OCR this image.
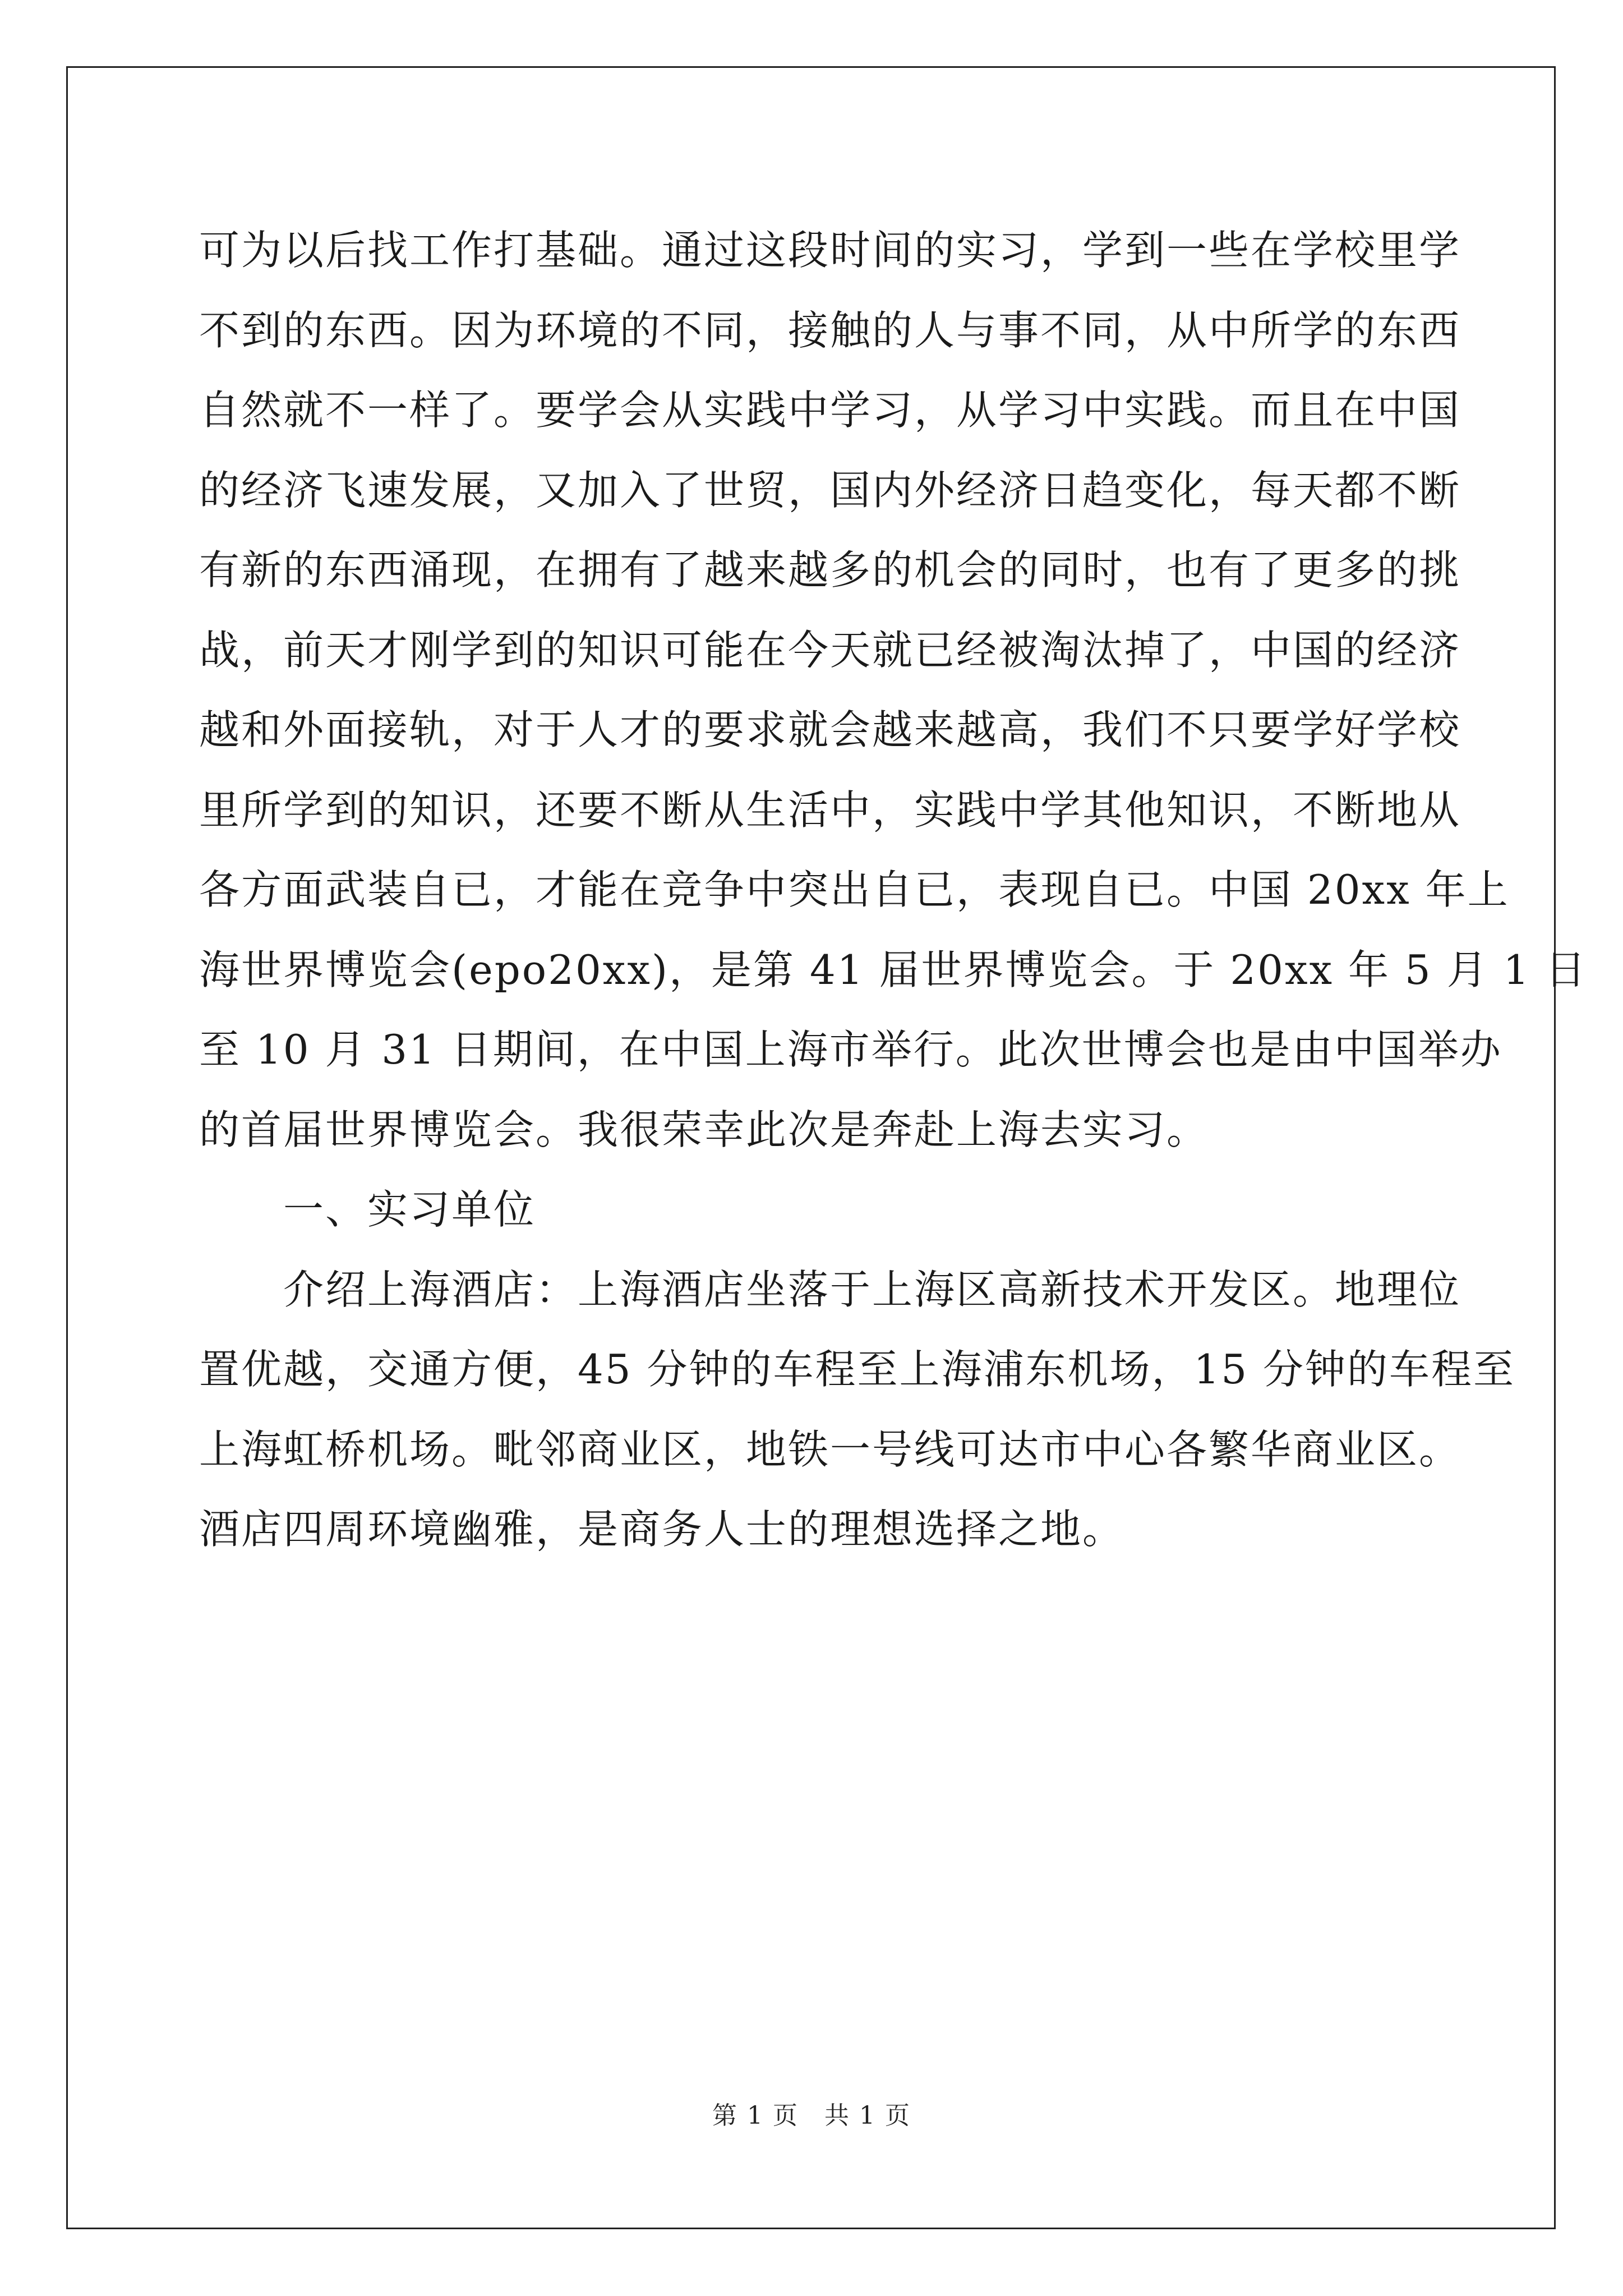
可为以后找工作打基础。通过这段时间的实习，学到一些在学校里学
不到的东西。因为环境的不同，接触的人与事不同，从中所学的东西
自然就不一样了。要学会从实践中学习，从学习中实践。而且在中国
的经济飞速发展，又加入了世贸，国内外经济日趋变化，每天都不断
有新的东西涌现，在拥有了越来越多的机会的同时，也有了更多的挑
战，前天才刚学到的知识可能在今天就已经被淘汰掉了，中国的经济
越和外面接轨，对于人才的要求就会越来越高，我们不只要学好学校
里所学到的知识，还要不断从生活中，实践中学其他知识，不断地从
各方面武装自已，才能在竞争中突出自已，表现自已。中国 20xx 年上
海世界博览会(epo20xx)，是第 41 届世界博览会。于 20xx 年 5 月 1 日
至 10 月 31 日期间，在中国上海市举行。此次世博会也是由中国举办
的首届世界博览会。我很荣幸此次是奔赴上海去实习。
一、实习单位
介绍上海酒店：上海酒店坐落于上海区高新技术开发区。地理位
置优越，交通方便，45 分钟的车程至上海浦东机场，15 分钟的车程至
上海虹桥机场。毗邻商业区，地铁一号线可达市中心各繁华商业区。
酒店四周环境幽雅，是商务人士的理想选择之地。
第 1 页　共 1 页
